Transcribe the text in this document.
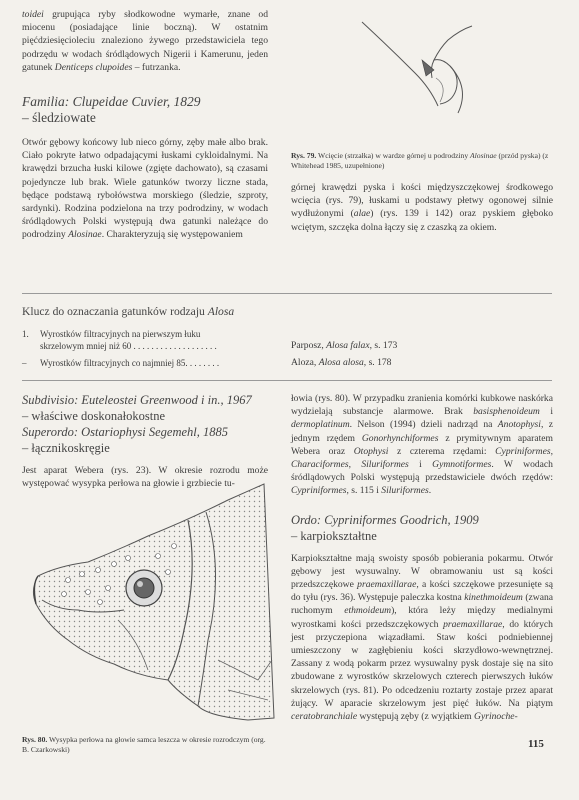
toidei grupująca ryby słodkowodne wymarłe, znane od miocenu (posiadające linie boczną). W ostatnim pięćdziesięcioleciu znaleziono żywego przedstawiciela tego podrzędu w wodach śródlądowych Nigerii i Kamerunu, jeden gatunek Denticeps clupoides – futrzanka.

Familia: Clupeidae Cuvier, 1829

– śledziowate

Otwór gębowy końcowy lub nieco górny, zęby małe albo brak. Ciało pokryte łatwo odpadającymi łuskami cykloidalnymi. Na krawędzi brzucha łuski kilowe (zgięte dachowato), są czasami pojedyncze lub brak. Wiele gatunków tworzy liczne stada, będące podstawą rybołówstwa morskiego (śledzie, szproty, sardynki). Rodzina podzielona na trzy podrodziny, w wodach śródlądowych Polski występują dwa gatunki należące do podrodziny Alosinae. Charakteryzują się występowaniem

Rys. 79. Wcięcie (strzałka) w wardze górnej u podrodziny Alosinae (przód pyska) (z Whitehead 1985, uzupełnione)

górnej krawędzi pyska i kości międzyszczękowej środkowego wcięcia (rys. 79), łuskami u podstawy płetwy ogonowej silnie wydłużonymi (alae) (rys. 139 i 142) oraz pyskiem głęboko wciętym, szczęka dolna łączy się z czaszką za okiem.

Klucz do oznaczania gatunków rodzaju Alosa
1. Wyrostków filtracyjnych na pierwszym łuku
skrzelowym mniej niż 60 . . . . . . . . . . . . . . . . . . .	Parposz, Alosa falax, s. 173
– Wyrostków filtracyjnych co najmniej 85. . . . . . . .	Aloza, Alosa alosa, s. 178

Subdivisio: Euteleostei Greenwood i in., 1967

– właściwe doskonałokostne

Superordo: Ostariophysi Segemehl, 1885

– łącznikoskręgie

Jest aparat Webera (rys. 23). W okresie rozrodu może występować wysypka perłowa na głowie i grzbiecie tu-

Rys. 80. Wysypka perłowa na głowie samca leszcza w okresie rozrodczym (org. B. Czarkowski)

łowia (rys. 80). W przypadku zranienia komórki kubkowe naskórka wydzielają substancje alarmowe. Brak basisphenoideum i dermoplatinum. Nelson (1994) dzieli nadrząd na Anotophysi, z jednym rzędem Gonorhynchiformes z prymitywnym aparatem Webera oraz Otophysi z czterema rzędami: Cypriniformes, Characiformes, Siluriformes i Gymnotiformes. W wodach śródlądowych Polski występują przedstawiciele dwóch rzędów: Cypriniformes, s. 115 i Siluriformes.

Ordo: Cypriniformes Goodrich, 1909

– karpiokształtne

Karpiokształtne mają swoisty sposób pobierania pokarmu. Otwór gębowy jest wysuwalny. W obramowaniu ust są kości przedszczękowe praemaxillarae, a kości szczękowe przesunięte są do tyłu (rys. 36). Występuje paleczka kostna kinethmoideum (zwana ruchomym ethmoideum), która leży między medialnymi wyrostkami kości przedszczękowych praemaxillarae, do których jest przyczepiona wiązadłami. Staw kości podniebiennej umieszczony w zagłębieniu kości skrzydłowo-wewnętrznej. Zassany z wodą pokarm przez wysuwalny pysk dostaje się na sito zbudowane z wyrostków skrzelowych czterech pierwszych łuków skrzelowych (rys. 81). Po odcedzeniu roztarty zostaje przez aparat żujący. W aparacie skrzelowym jest pięć łuków. Na piątym ceratobranchiale występują zęby (z wyjątkiem Gyrinoche-

115
